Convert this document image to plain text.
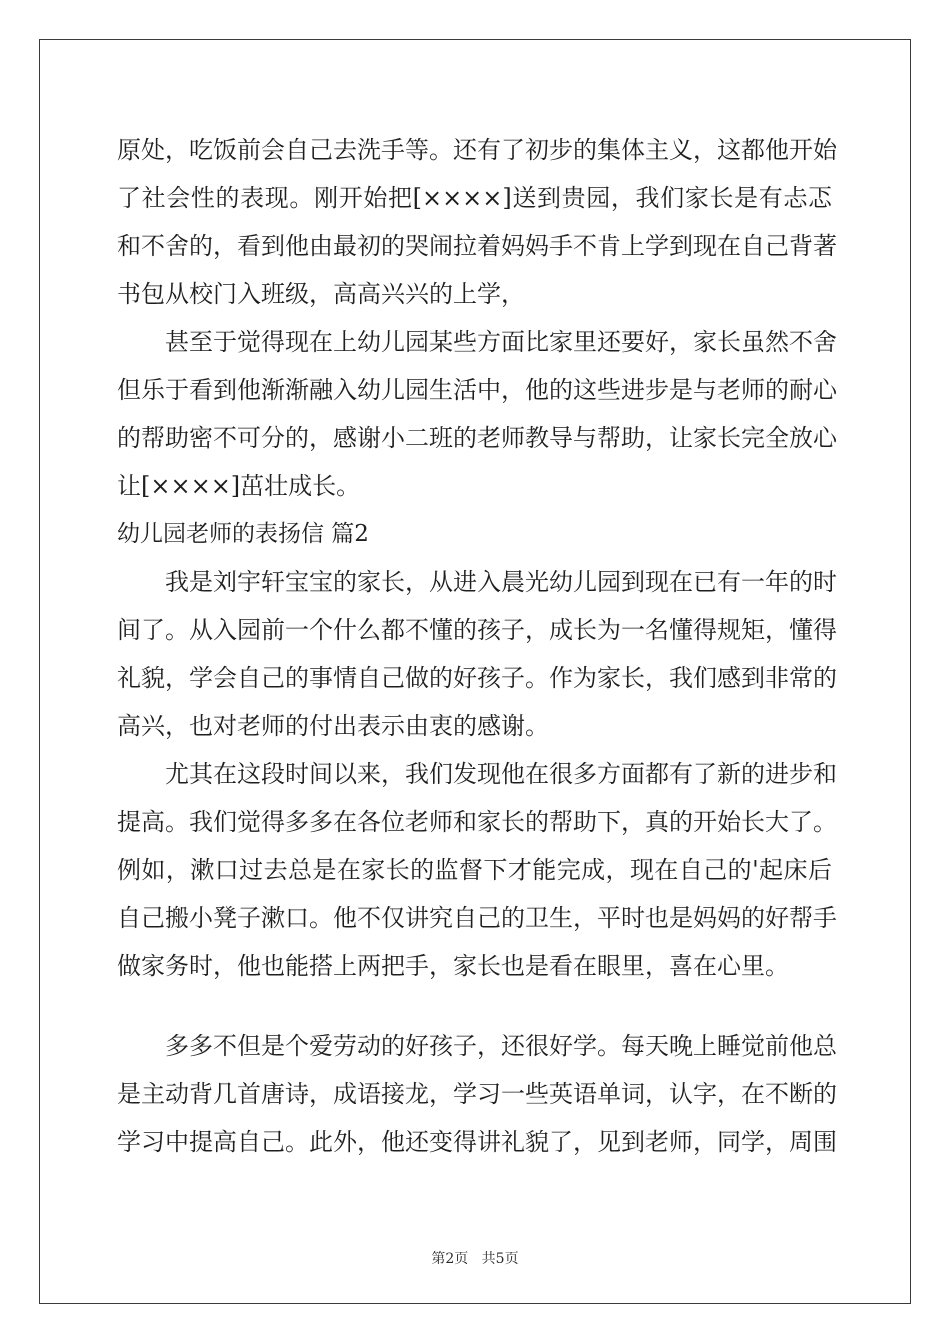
原处，吃饭前会自己去洗手等。还有了初步的集体主义，这都他开始

了社会性的表现。刚开始把[××××]送到贵园，我们家长是有忐忑

和不舍的，看到他由最初的哭闹拉着妈妈手不肯上学到现在自己背著

书包从校门入班级，高高兴兴的上学，

甚至于觉得现在上幼儿园某些方面比家里还要好，家长虽然不舍

但乐于看到他渐渐融入幼儿园生活中，他的这些进步是与老师的耐心

的帮助密不可分的，感谢小二班的老师教导与帮助，让家长完全放心

让[××××]茁壮成长。

幼儿园老师的表扬信 篇2

我是刘宇轩宝宝的家长，从进入晨光幼儿园到现在已有一年的时

间了。从入园前一个什么都不懂的孩子，成长为一名懂得规矩，懂得

礼貌，学会自己的事情自己做的好孩子。作为家长，我们感到非常的

高兴，也对老师的付出表示由衷的感谢。

尤其在这段时间以来，我们发现他在很多方面都有了新的进步和

提高。我们觉得多多在各位老师和家长的帮助下，真的开始长大了。

例如，漱口过去总是在家长的监督下才能完成，现在自己的'起床后

自己搬小凳子漱口。他不仅讲究自己的卫生，平时也是妈妈的好帮手

做家务时，他也能搭上两把手，家长也是看在眼里，喜在心里。

多多不但是个爱劳动的好孩子，还很好学。每天晚上睡觉前他总

是主动背几首唐诗，成语接龙，学习一些英语单词，认字，在不断的

学习中提高自己。此外，他还变得讲礼貌了，见到老师，同学，周围

第2页 共5页
